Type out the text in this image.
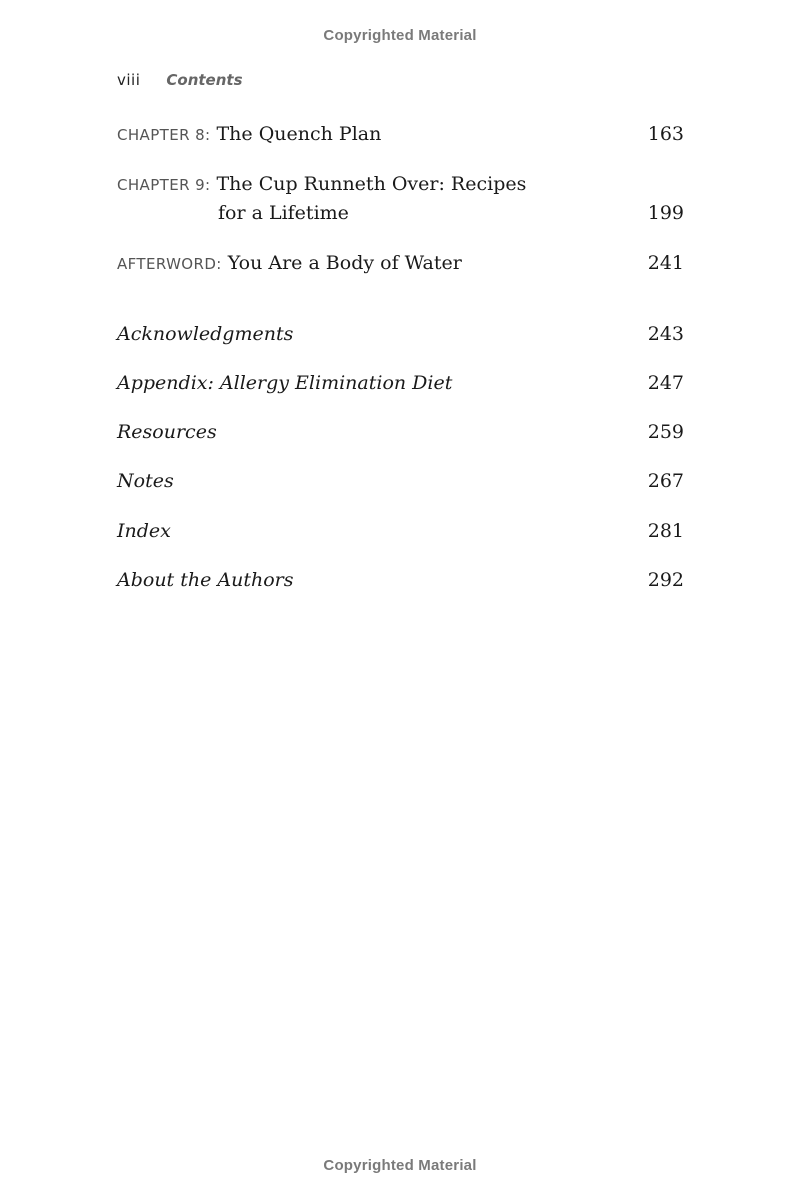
Copyrighted Material
viii Contents
CHAPTER 8: The Quench Plan	163
CHAPTER 9: The Cup Runneth Over: Recipes
for a Lifetime	199
AFTERWORD: You Are a Body of Water	241
Acknowledgments	243
Appendix: Allergy Elimination Diet	247
Resources	259
Notes	267
Index	281
About the Authors	292
Copyrighted Material
